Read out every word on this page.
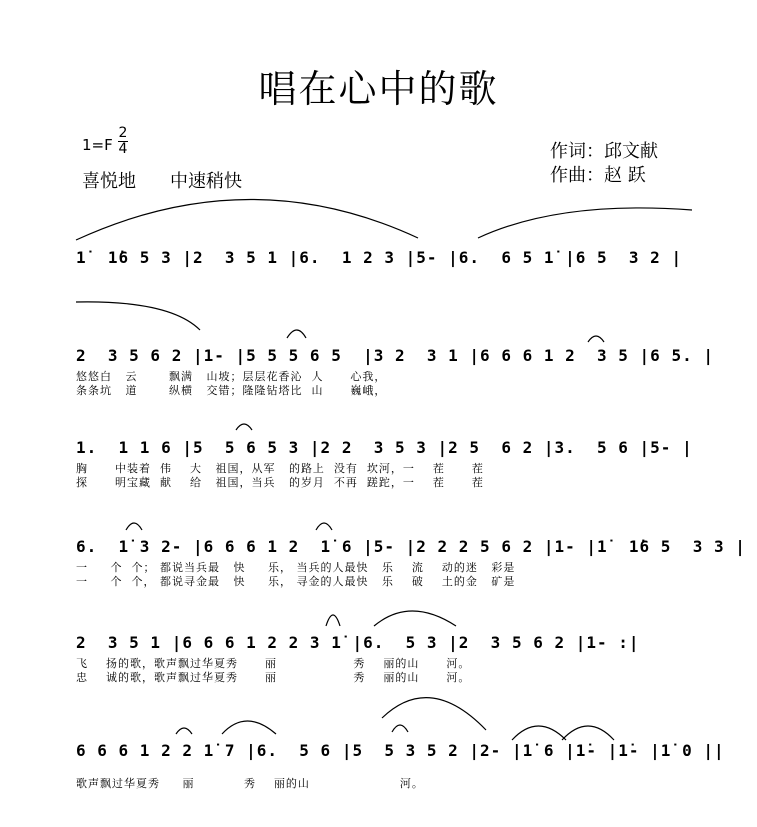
唱在心中的歌
1=F
2
4
喜悦地 中速稍快
作词：邱文献
作曲：赵 跃
1̇  1̇6 5 3 |2  3 5 1 |6.  1 2 3 |5- |6.  6 5 1̇ |6 5  3 2 |
2  3 5 6 2 |1- |5 5 5 6 5  |3 2  3 1 |6 6 6 1 2  3 5 |6 5. |
悠悠白   云       飘满   山坡；层层花香沁  人      心我，
条条坑   道       纵横   交错；隆隆钻塔比  山      巍峨，
1.  1 1 6 |5  5 6 5 3 |2 2  3 5 3 |2 5  6 2 |3.  5 6 |5- |
胸      中装着  伟    大   祖国，从军   的路上  没有  坎河，一    茬      茬
探      明宝藏  献    给   祖国，当兵   的岁月  不再  蹉跎，一    茬      茬
6.  1̇ 3 2- |6 6 6 1 2  1̇ 6 |5- |2 2 2 5 6 2 |1- |1̇  1̇6 5  3 3 |
一     个  个； 都说当兵最   快     乐， 当兵的人最快   乐    流    动的迷   彩是
一     个  个， 都说寻金最   快     乐， 寻金的人最快   乐    破    土的金   矿是
2  3 5 1 |6 6 6 1 2 2 3 1̇ |6.  5 3 |2  3 5 6 2 |1- :|
飞    扬的歌，歌声飘过华夏秀      丽                 秀    丽的山      河。
忠    诚的歌，歌声飘过华夏秀      丽                 秀    丽的山      河。
6 6 6 1 2 2 1̇ 7 |6.  5 6 |5  5 3 5 2 |2- |1̇ 6 |1̇- |1̇- |1̇ 0 ||
歌声飘过华夏秀     丽           秀    丽的山                    河。
